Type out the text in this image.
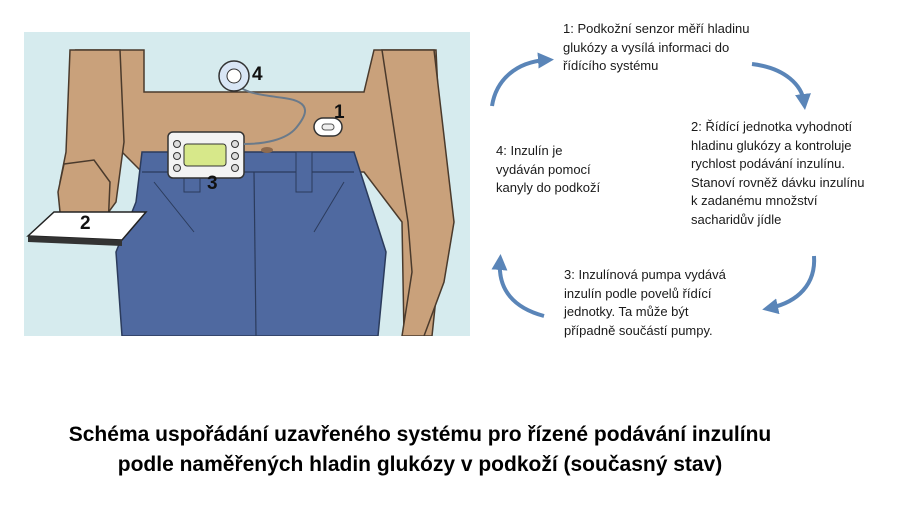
1
2
3
4

1: Podkožní senzor měří hladinu
glukózy a vysílá informaci do
řídícího systému

2: Řídící jednotka vyhodnotí
hladinu glukózy a kontroluje
rychlost podávání inzulínu.
Stanoví rovněž dávku inzulínu
k zadanému množství
sacharidův jídle

3: Inzulínová pumpa vydává
inzulín podle povelů řídící
jednotky. Ta může být
případně součástí pumpy.

4: Inzulín je
vydáván pomocí
kanyly do podkoží

Schéma uspořádání uzavřeného systému pro řízené podávání inzulínu
podle naměřených hladin glukózy v podkoží (současný stav)
